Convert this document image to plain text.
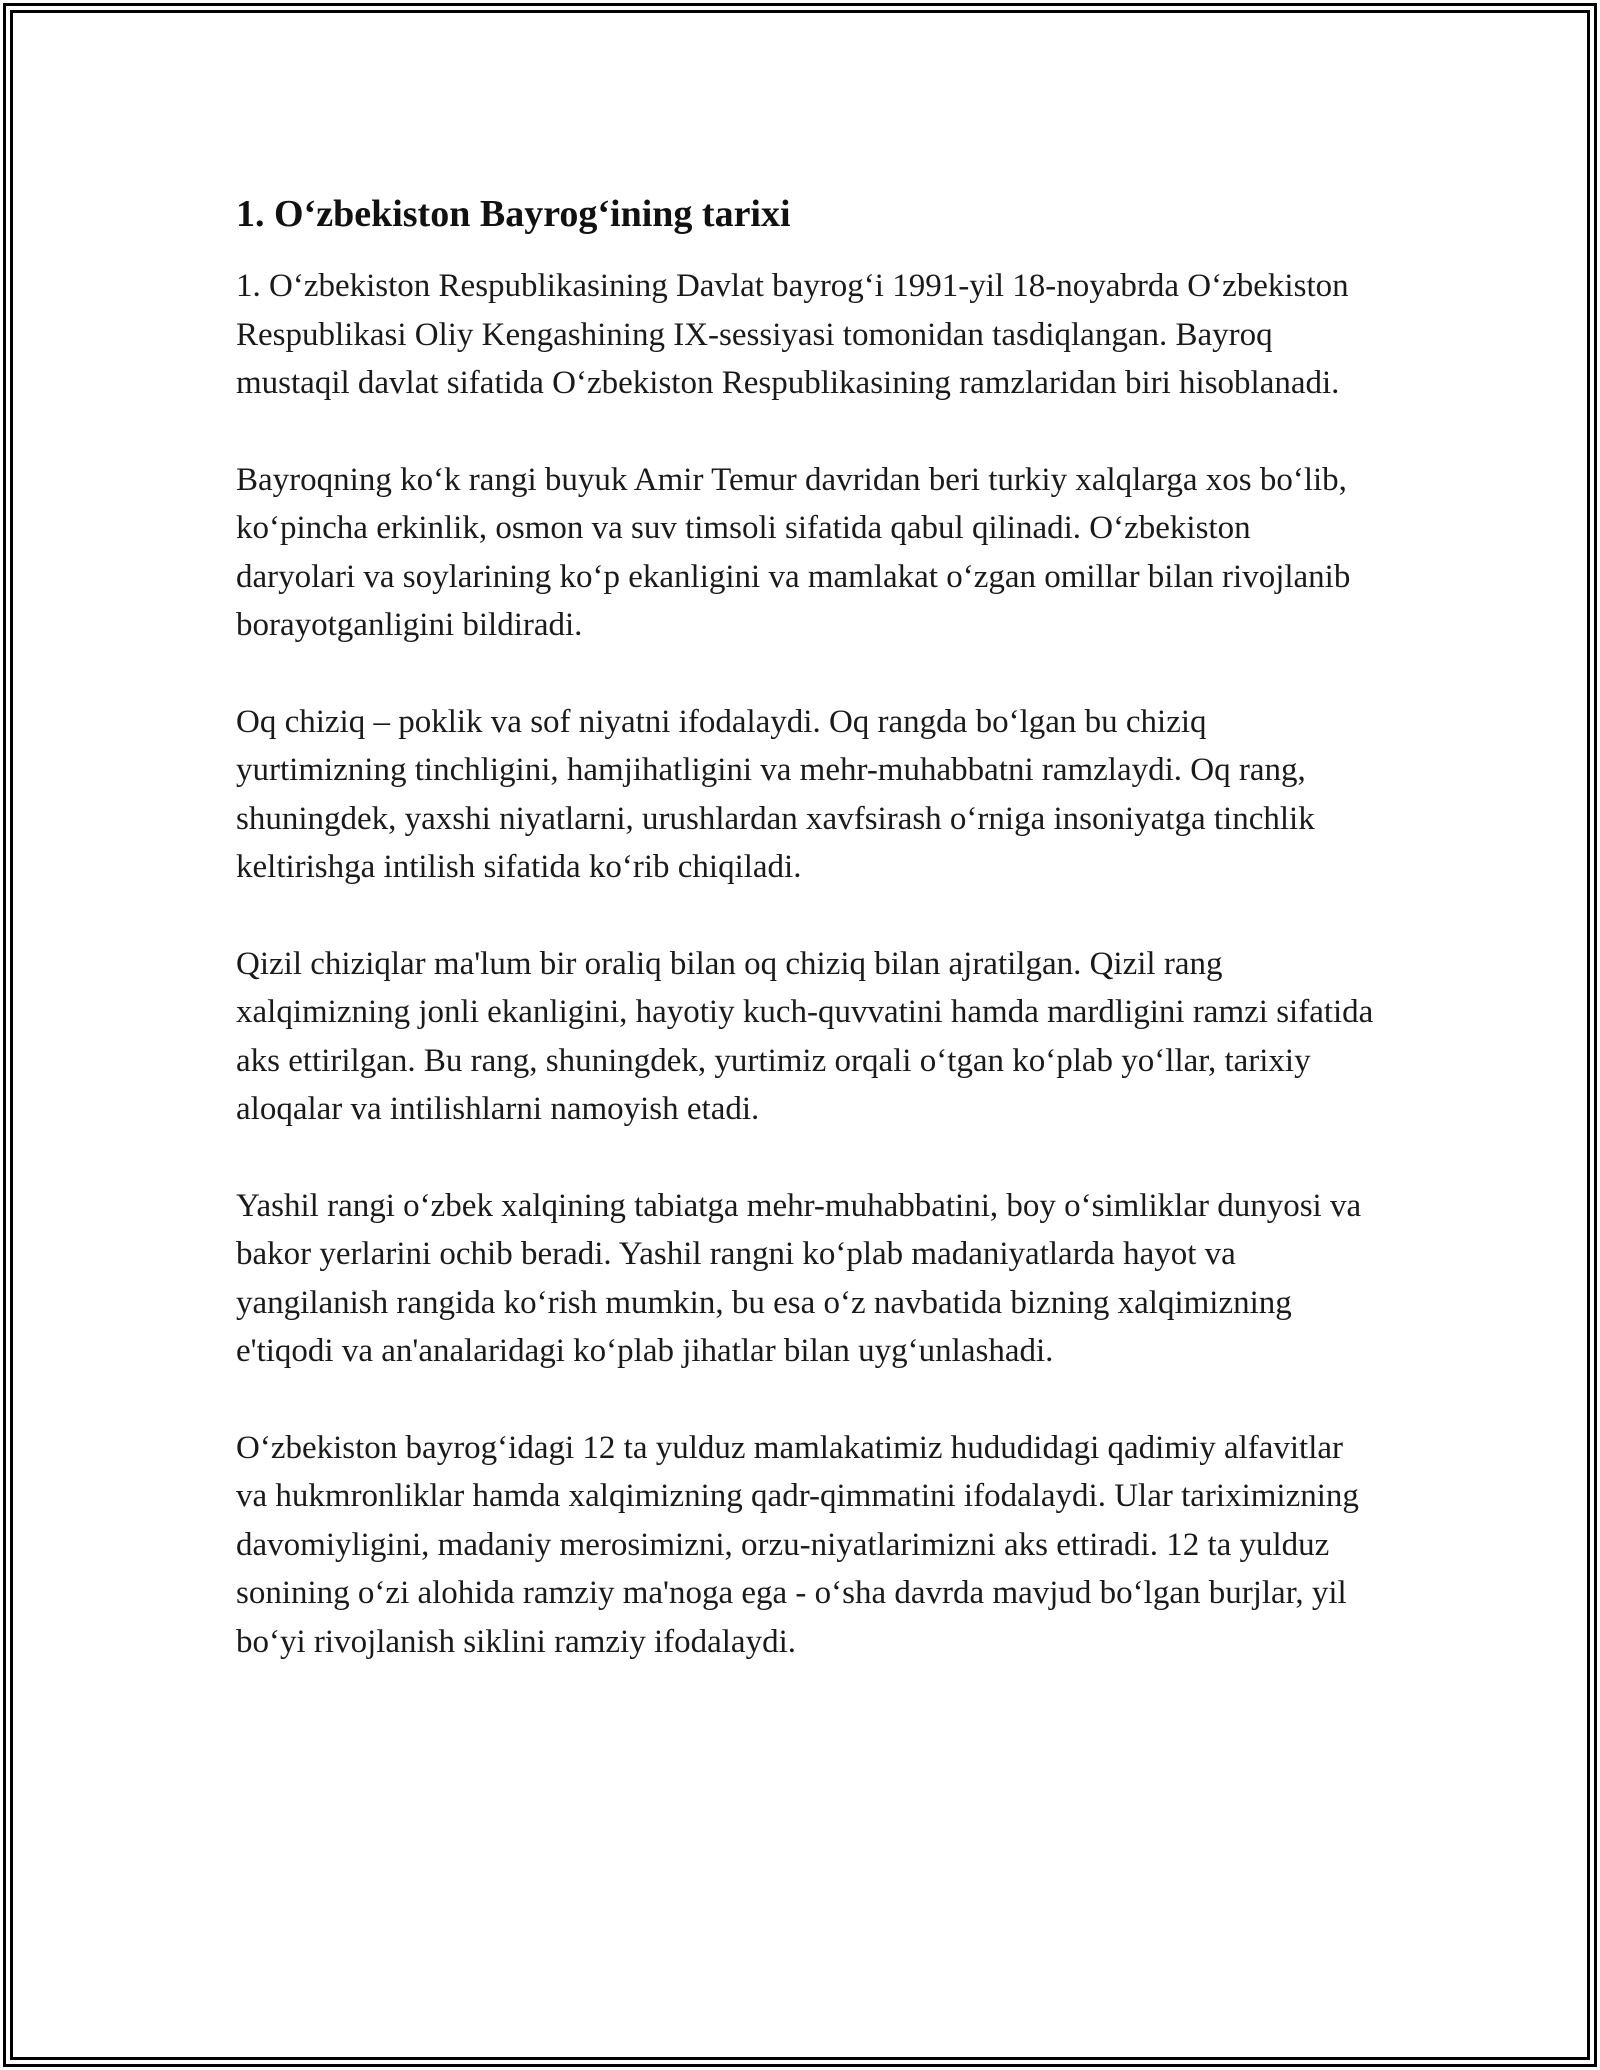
1. O‘zbekiston Bayrog‘ining tarixi

1. O‘zbekiston Respublikasining Davlat bayrog‘i 1991-yil 18-noyabrda O‘zbekiston Respublikasi Oliy Kengashining IX-sessiyasi tomonidan tasdiqlangan. Bayroq mustaqil davlat sifatida O‘zbekiston Respublikasining ramzlaridan biri hisoblanadi.

Bayroqning ko‘k rangi buyuk Amir Temur davridan beri turkiy xalqlarga xos bo‘lib, ko‘pincha erkinlik, osmon va suv timsoli sifatida qabul qilinadi. O‘zbekiston daryolari va soylarining ko‘p ekanligini va mamlakat o‘zgan omillar bilan rivojlanib borayotganligini bildiradi.

Oq chiziq – poklik va sof niyatni ifodalaydi. Oq rangda bo‘lgan bu chiziq yurtimizning tinchligini, hamjihatligini va mehr-muhabbatni ramzlaydi. Oq rang, shuningdek, yaxshi niyatlarni, urushlardan xavfsirash o‘rniga insoniyatga tinchlik keltirishga intilish sifatida ko‘rib chiqiladi.

Qizil chiziqlar ma'lum bir oraliq bilan oq chiziq bilan ajratilgan. Qizil rang xalqimizning jonli ekanligini, hayotiy kuch-quvvatini hamda mardligini ramzi sifatida aks ettirilgan. Bu rang, shuningdek, yurtimiz orqali o‘tgan ko‘plab yo‘llar, tarixiy aloqalar va intilishlarni namoyish etadi.

Yashil rangi o‘zbek xalqining tabiatga mehr-muhabbatini, boy o‘simliklar dunyosi va bakor yerlarini ochib beradi. Yashil rangni ko‘plab madaniyatlarda hayot va yangilanish rangida ko‘rish mumkin, bu esa o‘z navbatida bizning xalqimizning e'tiqodi va an'analaridagi ko‘plab jihatlar bilan uyg‘unlashadi.

O‘zbekiston bayrog‘idagi 12 ta yulduz mamlakatimiz hududidagi qadimiy alfavitlar va hukmronliklar hamda xalqimizning qadr-qimmatini ifodalaydi. Ular tariximizning davomiyligini, madaniy merosimizni, orzu-niyatlarimizni aks ettiradi. 12 ta yulduz sonining o‘zi alohida ramziy ma'noga ega - o‘sha davrda mavjud bo‘lgan burjlar, yil bo‘yi rivojlanish siklini ramziy ifodalaydi.
